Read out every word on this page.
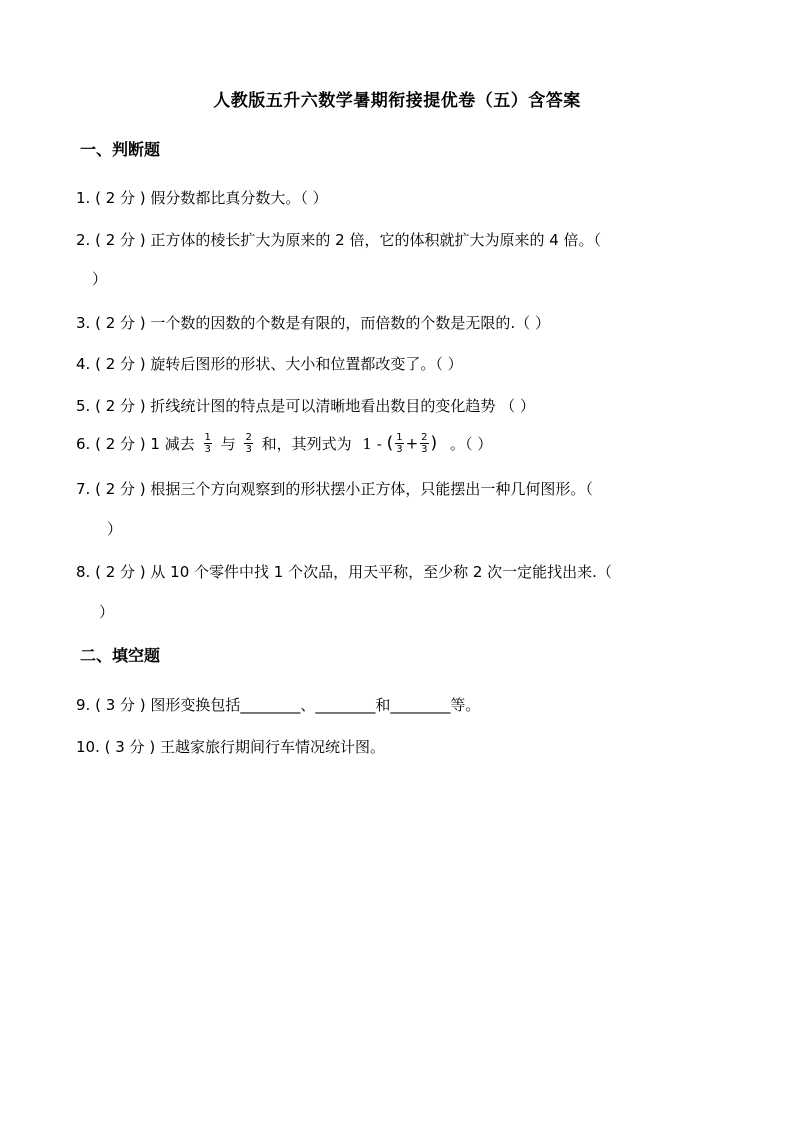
人教版五升六数学暑期衔接提优卷（五）含答案
一、判断题
1. ( 2 分 ) 假分数都比真分数大。（ ）
2. ( 2 分 ) 正方体的棱长扩大为原来的 2 倍，它的体积就扩大为原来的 4 倍。（
）
3. ( 2 分 ) 一个数的因数的个数是有限的，而倍数的个数是无限的.（ ）
4. ( 2 分 ) 旋转后图形的形状、大小和位置都改变了。（ ）
5. ( 2 分 ) 折线统计图的特点是可以清晰地看出数目的变化趋势 （ ）
6. ( 2 分 ) 1 减去 $\frac{1}{3}$ 与 $\frac{2}{3}$ 和，其列式为 1 - ( $\frac{1}{3} + \frac{2}{3}$ ) 。（ ）
7. ( 2 分 ) 根据三个方向观察到的形状摆小正方体，只能摆出一种几何图形。（
）
8. ( 2 分 ) 从 10 个零件中找 1 个次品，用天平称，至少称 2 次一定能找出来.（
）
二、填空题
9. ( 3 分 ) 图形变换包括________、________和________等。
10. ( 3 分 ) 王越家旅行期间行车情况统计图。
